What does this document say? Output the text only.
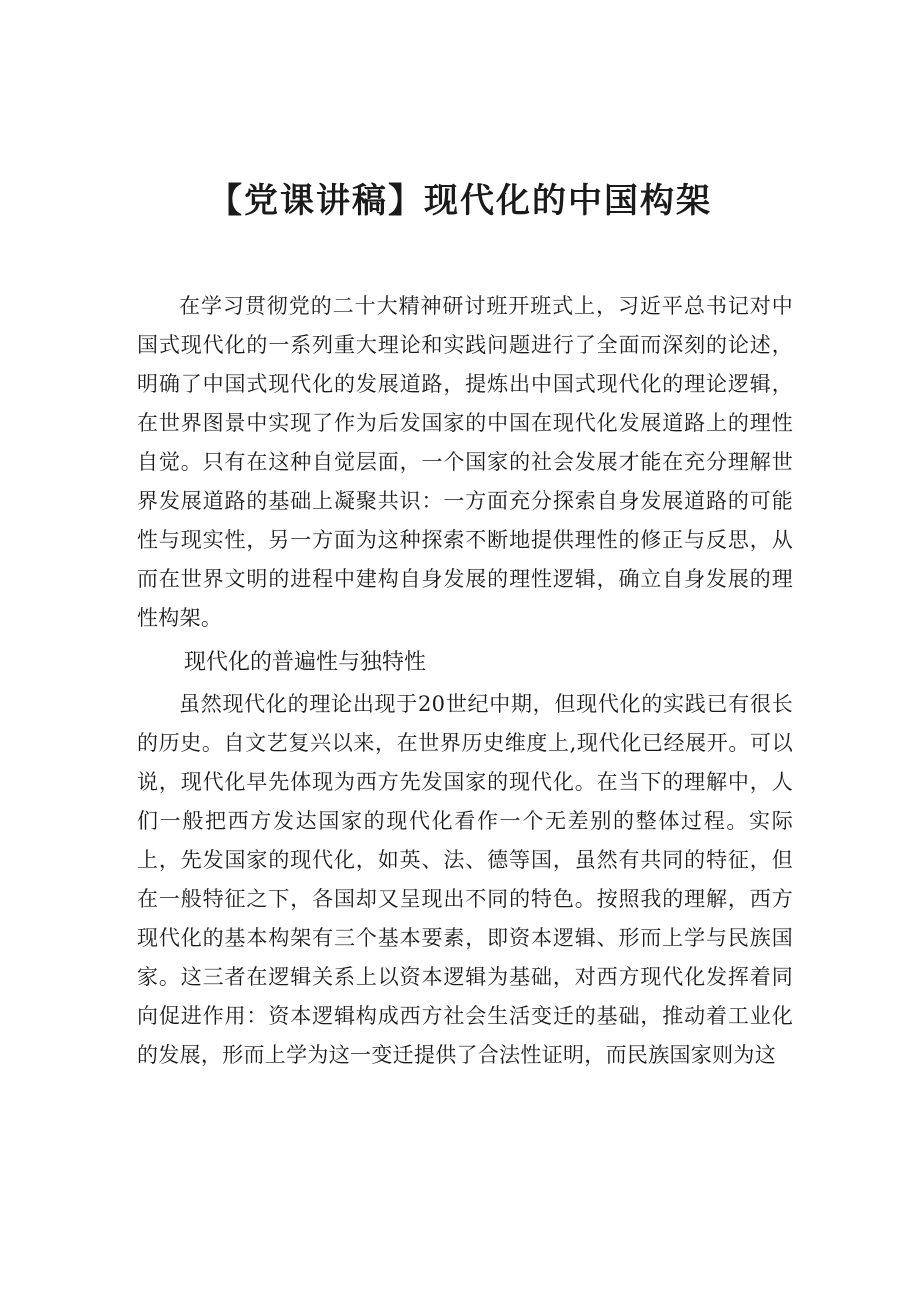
【党课讲稿】现代化的中国构架

在学习贯彻党的二十大精神研讨班开班式上，习近平总书记对中国式现代化的一系列重大理论和实践问题进行了全面而深刻的论述，明确了中国式现代化的发展道路，提炼出中国式现代化的理论逻辑，在世界图景中实现了作为后发国家的中国在现代化发展道路上的理性自觉。只有在这种自觉层面，一个国家的社会发展才能在充分理解世界发展道路的基础上凝聚共识：一方面充分探索自身发展道路的可能性与现实性，另一方面为这种探索不断地提供理性的修正与反思，从而在世界文明的进程中建构自身发展的理性逻辑，确立自身发展的理性构架。

现代化的普遍性与独特性

虽然现代化的理论出现于20世纪中期，但现代化的实践已有很长的历史。自文艺复兴以来，在世界历史维度上,现代化已经展开。可以说，现代化早先体现为西方先发国家的现代化。在当下的理解中，人们一般把西方发达国家的现代化看作一个无差别的整体过程。实际上，先发国家的现代化，如英、法、德等国，虽然有共同的特征，但在一般特征之下，各国却又呈现出不同的特色。按照我的理解，西方现代化的基本构架有三个基本要素，即资本逻辑、形而上学与民族国家。这三者在逻辑关系上以资本逻辑为基础，对西方现代化发挥着同向促进作用：资本逻辑构成西方社会生活变迁的基础，推动着工业化的发展，形而上学为这一变迁提供了合法性证明，而民族国家则为这
